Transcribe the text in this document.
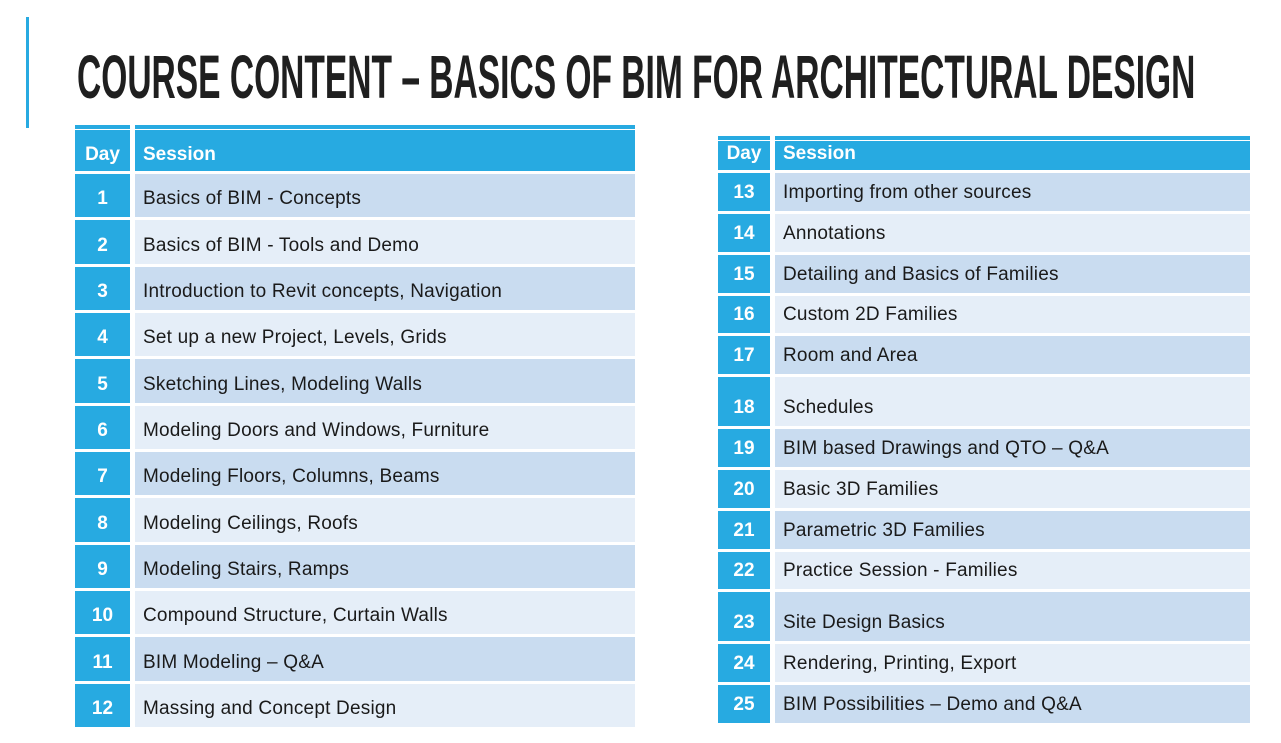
COURSE CONTENT – BASICS OF BIM FOR ARCHITECTURAL DESIGN
Day	Session
1	Basics of BIM - Concepts
2	Basics of BIM - Tools and Demo
3	Introduction to Revit concepts, Navigation
4	Set up a new Project, Levels, Grids
5	Sketching Lines, Modeling Walls
6	Modeling Doors and Windows, Furniture
7	Modeling Floors, Columns, Beams
8	Modeling Ceilings, Roofs
9	Modeling Stairs, Ramps
10	Compound Structure, Curtain Walls
11	BIM Modeling – Q&A
12	Massing and Concept Design
Day	Session
13	Importing from other sources
14	Annotations
15	Detailing and Basics of Families
16	Custom 2D Families
17	Room and Area
18	Schedules
19	BIM based Drawings and QTO – Q&A
20	Basic 3D Families
21	Parametric 3D Families
22	Practice Session - Families
23	Site Design Basics
24	Rendering, Printing, Export
25	BIM Possibilities – Demo and Q&A
